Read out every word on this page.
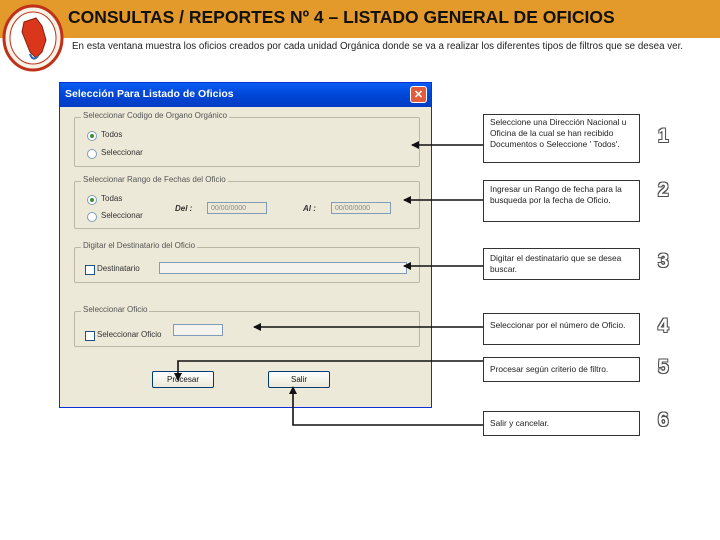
CONSULTAS / REPORTES Nº 4 – LISTADO GENERAL DE OFICIOS
En esta ventana muestra los oficios creados por cada unidad Orgánica donde se va a realizar los diferentes tipos de filtros que se desea ver.
Selección Para Listado de Oficios	✕
Seleccionar Codigo de Organo Orgánico
Todos
Seleccionar
Seleccionar Rango de Fechas del Oficio
Todas
Seleccionar
Del :	00/00/0000	Al :	00/00/0000
Digitar el Destinatario del Oficio
Destinatario
Seleccionar Oficio
Seleccionar Oficio
Procesar	Salir
Seleccione una Dirección Nacional u Oficina de la cual se han recibido Documentos o Seleccione ' Todos'.	1
Ingresar un Rango de fecha para la busqueda por la fecha de Oficio.	2
Digitar el destinatario que se desea buscar.	3
Seleccionar por el número de Oficio.	4
Procesar según criterio de filtro.	5
Salir y cancelar.	6
